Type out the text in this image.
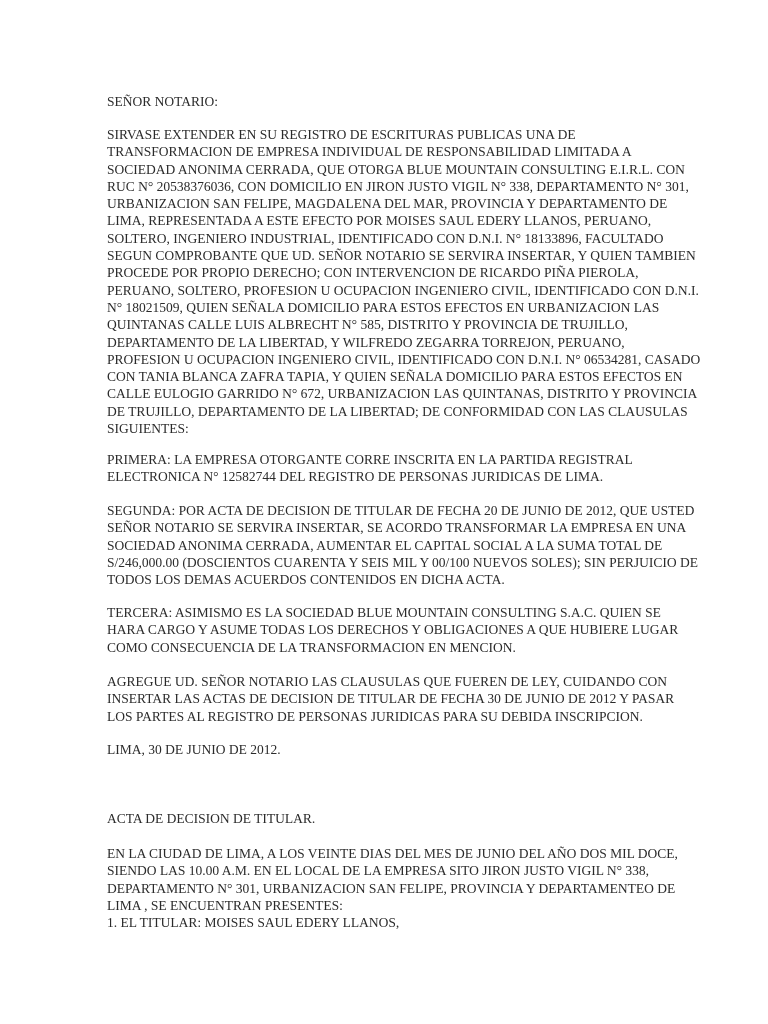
SEÑOR NOTARIO:
SIRVASE EXTENDER EN SU REGISTRO DE ESCRITURAS PUBLICAS UNA DE
TRANSFORMACION DE EMPRESA INDIVIDUAL DE RESPONSABILIDAD LIMITADA A
SOCIEDAD ANONIMA CERRADA, QUE OTORGA BLUE MOUNTAIN CONSULTING E.I.R.L. CON
RUC N° 20538376036, CON DOMICILIO EN JIRON JUSTO VIGIL N° 338, DEPARTAMENTO N° 301,
URBANIZACION SAN FELIPE, MAGDALENA DEL MAR, PROVINCIA Y DEPARTAMENTO DE
LIMA, REPRESENTADA A ESTE EFECTO POR MOISES SAUL EDERY LLANOS, PERUANO,
SOLTERO, INGENIERO INDUSTRIAL, IDENTIFICADO CON D.N.I. N° 18133896, FACULTADO
SEGUN COMPROBANTE QUE UD. SEÑOR NOTARIO SE SERVIRA INSERTAR, Y QUIEN TAMBIEN
PROCEDE POR PROPIO DERECHO; CON INTERVENCION DE RICARDO PIÑA PIEROLA,
PERUANO, SOLTERO, PROFESION U OCUPACION INGENIERO CIVIL, IDENTIFICADO CON D.N.I.
N° 18021509, QUIEN SEÑALA DOMICILIO PARA ESTOS EFECTOS EN URBANIZACION LAS
QUINTANAS CALLE LUIS ALBRECHT N° 585, DISTRITO Y PROVINCIA DE TRUJILLO,
DEPARTAMENTO DE LA LIBERTAD, Y WILFREDO ZEGARRA TORREJON, PERUANO,
PROFESION U OCUPACION INGENIERO CIVIL, IDENTIFICADO CON D.N.I. N° 06534281, CASADO
CON TANIA BLANCA ZAFRA TAPIA, Y QUIEN SEÑALA DOMICILIO PARA ESTOS EFECTOS EN
CALLE EULOGIO GARRIDO N° 672, URBANIZACION LAS QUINTANAS, DISTRITO Y PROVINCIA
DE TRUJILLO, DEPARTAMENTO DE LA LIBERTAD; DE CONFORMIDAD CON LAS CLAUSULAS
SIGUIENTES:
PRIMERA: LA EMPRESA OTORGANTE CORRE INSCRITA EN LA PARTIDA REGISTRAL
ELECTRONICA N° 12582744 DEL REGISTRO DE PERSONAS JURIDICAS DE LIMA.
SEGUNDA: POR ACTA DE DECISION DE TITULAR DE FECHA 20 DE JUNIO DE 2012, QUE USTED
SEÑOR NOTARIO SE SERVIRA INSERTAR, SE ACORDO TRANSFORMAR LA EMPRESA EN UNA
SOCIEDAD ANONIMA CERRADA, AUMENTAR EL CAPITAL SOCIAL A LA SUMA TOTAL DE
S/246,000.00 (DOSCIENTOS CUARENTA Y SEIS MIL Y 00/100 NUEVOS SOLES); SIN PERJUICIO DE
TODOS LOS DEMAS ACUERDOS CONTENIDOS EN DICHA ACTA.
TERCERA: ASIMISMO ES LA SOCIEDAD BLUE MOUNTAIN CONSULTING S.A.C. QUIEN SE
HARA CARGO Y ASUME TODAS LOS DERECHOS Y OBLIGACIONES A QUE HUBIERE LUGAR
COMO CONSECUENCIA DE LA TRANSFORMACION EN MENCION.
AGREGUE UD. SEÑOR NOTARIO LAS CLAUSULAS QUE FUEREN DE LEY, CUIDANDO CON
INSERTAR LAS ACTAS DE DECISION DE TITULAR DE FECHA 30 DE JUNIO DE 2012 Y PASAR
LOS PARTES AL REGISTRO DE PERSONAS JURIDICAS PARA SU DEBIDA INSCRIPCION.
LIMA, 30 DE JUNIO DE 2012.
ACTA DE DECISION DE TITULAR.
EN LA CIUDAD DE LIMA, A LOS VEINTE DIAS DEL MES DE JUNIO DEL AÑO DOS MIL DOCE,
SIENDO LAS 10.00 A.M. EN EL LOCAL DE LA EMPRESA SITO JIRON JUSTO VIGIL N° 338,
DEPARTAMENTO N° 301, URBANIZACION SAN FELIPE, PROVINCIA Y DEPARTAMENTEO DE
LIMA , SE ENCUENTRAN PRESENTES:
1. EL TITULAR: MOISES SAUL EDERY LLANOS,
